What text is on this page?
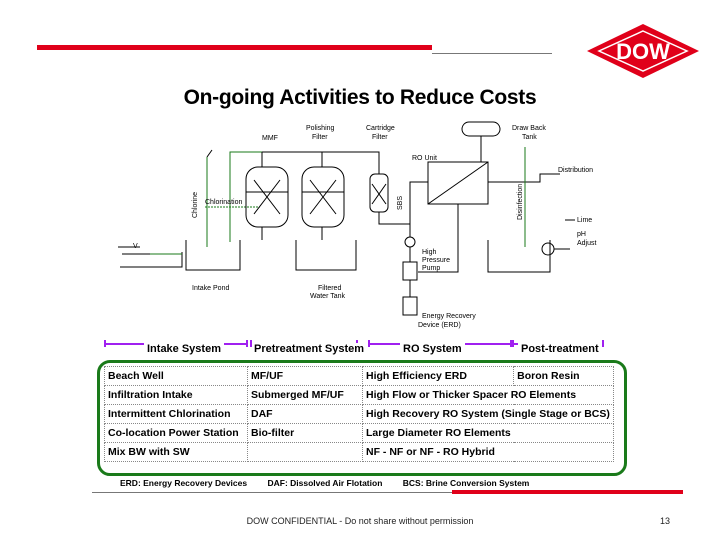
DOW
On-going Activities to Reduce Costs
V
MMF
Polishing
Filter
Cartridge
Filter
Draw Back
Tank
RO Unit
Distribution
Chlorination
Lime
pH
Adjust
High
Pressure
Pump
Intake Pond	Filtered
Water Tank
Energy Recovery
Device (ERD)
Chlorine	SBS	Disinfection
Intake System	Pretreatment System	RO System	Post-treatment
Beach Well	MF/UF	High Efficiency ERD	Boron Resin
Infiltration Intake	Submerged MF/UF	High Flow or Thicker Spacer RO Elements	
Intermittent Chlorination	DAF	High Recovery RO System (Single Stage or BCS)	
Co-location Power Station	Bio-filter	Large Diameter RO Elements	
Mix BW with SW		NF - NF or NF - RO Hybrid	
ERD: Energy Recovery Devices DAF: Dissolved Air Flotation BCS: Brine Conversion System
DOW CONFIDENTIAL - Do not share without permission	13
